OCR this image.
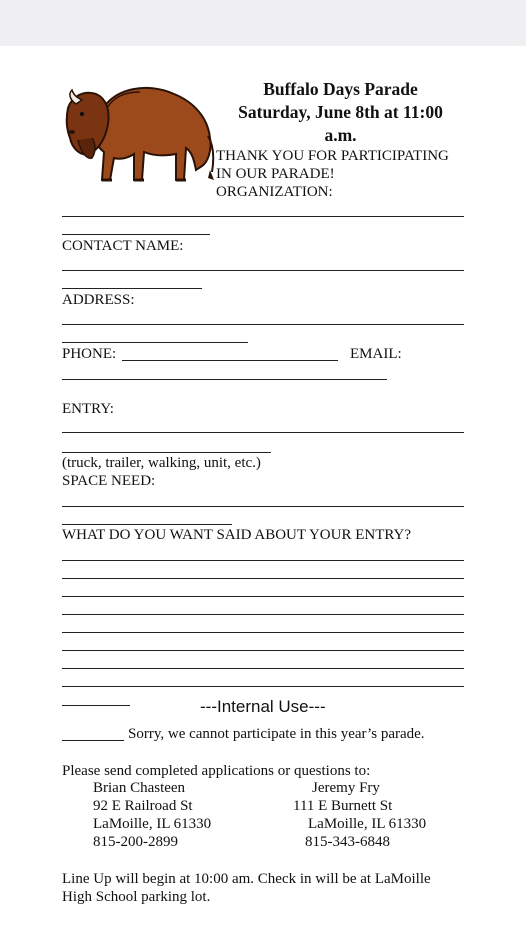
Buffalo Days Parade
Saturday, June 8th at 11:00
a.m.
THANK YOU FOR PARTICIPATING
IN OUR PARADE!
ORGANIZATION:
CONTACT NAME:
ADDRESS:
PHONE:	EMAIL:
ENTRY:
(truck, trailer, walking, unit, etc.)
SPACE NEED:
WHAT DO YOU WANT SAID ABOUT YOUR ENTRY?
---Internal Use---
Sorry, we cannot participate in this year’s parade.
Please send completed applications or questions to:
Brian Chasteen
92 E Railroad St
LaMoille, IL 61330
815-200-2899
Jeremy Fry
111 E Burnett St
LaMoille, IL 61330
815-343-6848
Line Up will begin at 10:00 am. Check in will be at LaMoille
High School parking lot.
